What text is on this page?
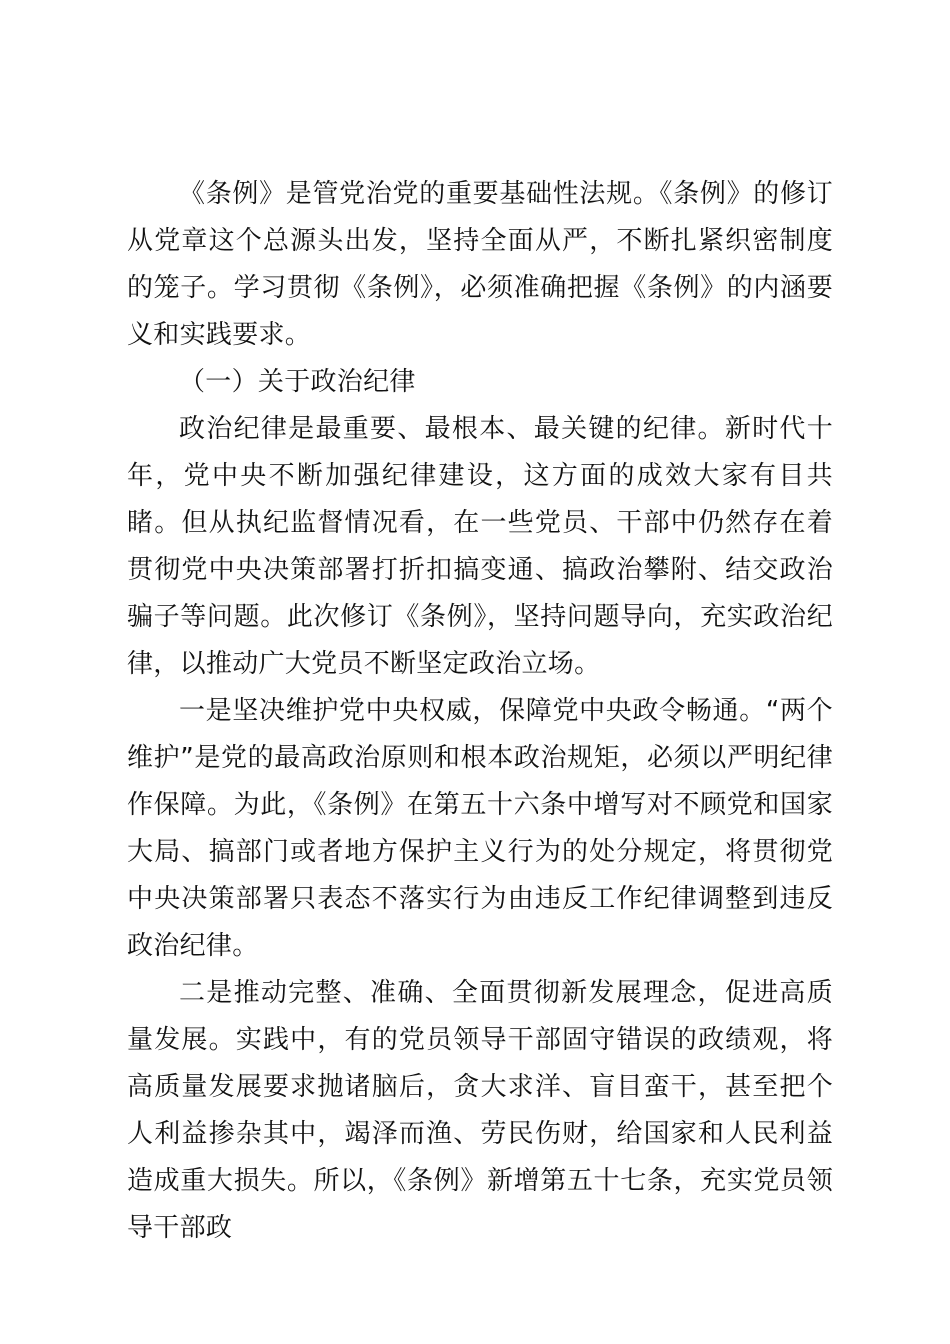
《条例》是管党治党的重要基础性法规。《条例》的修订从党章这个总源头出发，坚持全面从严，不断扎紧织密制度的笼子。学习贯彻《条例》，必须准确把握《条例》的内涵要义和实践要求。

（一）关于政治纪律

政治纪律是最重要、最根本、最关键的纪律。新时代十年，党中央不断加强纪律建设，这方面的成效大家有目共睹。但从执纪监督情况看，在一些党员、干部中仍然存在着贯彻党中央决策部署打折扣搞变通、搞政治攀附、结交政治骗子等问题。此次修订《条例》，坚持问题导向，充实政治纪律，以推动广大党员不断坚定政治立场。

一是坚决维护党中央权威，保障党中央政令畅通。“两个维护”是党的最高政治原则和根本政治规矩，必须以严明纪律作保障。为此，《条例》在第五十六条中增写对不顾党和国家大局、搞部门或者地方保护主义行为的处分规定，将贯彻党中央决策部署只表态不落实行为由违反工作纪律调整到违反政治纪律。

二是推动完整、准确、全面贯彻新发展理念，促进高质量发展。实践中，有的党员领导干部固守错误的政绩观，将高质量发展要求抛诸脑后，贪大求洋、盲目蛮干，甚至把个人利益掺杂其中，竭泽而渔、劳民伤财，给国家和人民利益造成重大损失。所以，《条例》新增第五十七条，充实党员领导干部政
